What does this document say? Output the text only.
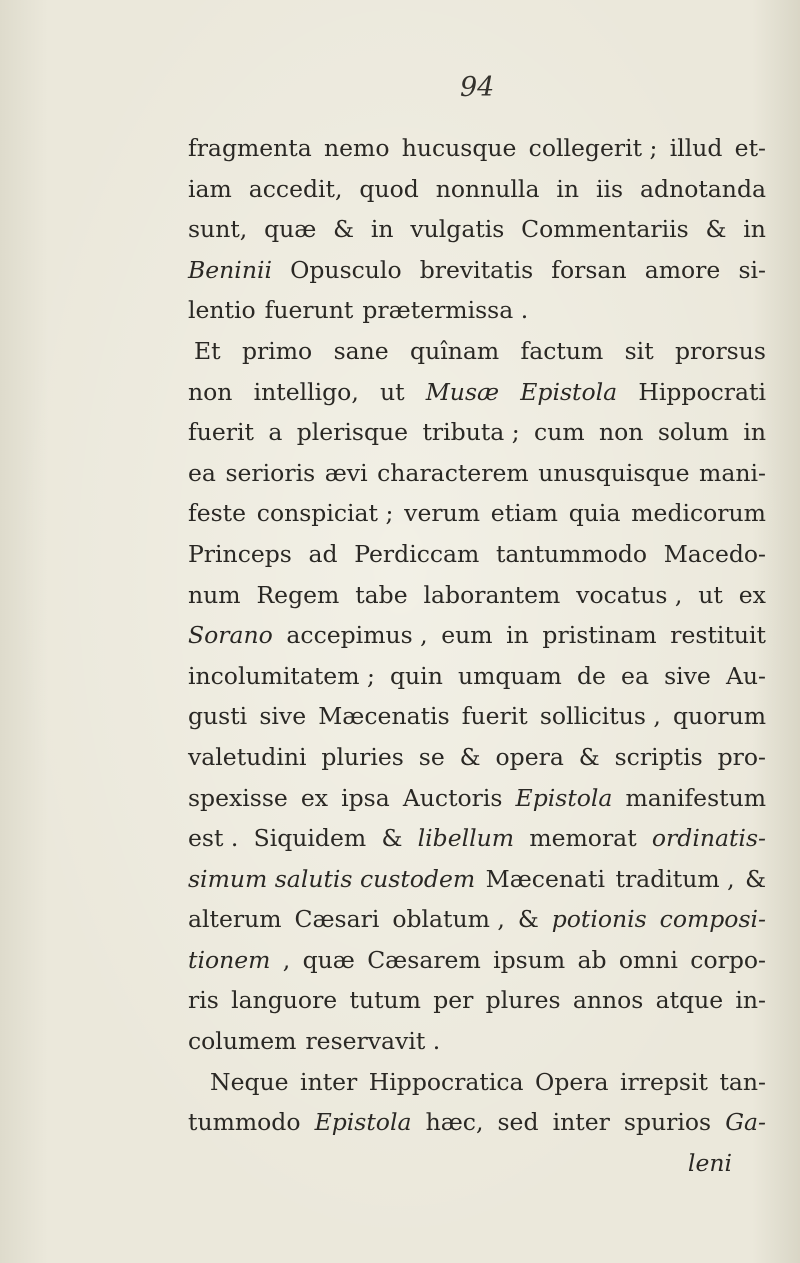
94
fragmenta nemo hucusque collegerit ; illud et-
iam accedit, quod nonnulla in iis adnotanda
sunt, quæ & in vulgatis Commentariis & in
Beninii Opusculo brevitatis forsan amore si-
lentio fuerunt prætermissa .
Et primo sane quînam factum sit prorsus
non intelligo, ut Musæ Epistola Hippocrati
fuerit a plerisque tributa ; cum non solum in
ea serioris ævi characterem unusquisque mani-
feste conspiciat ; verum etiam quia medicorum
Princeps ad Perdiccam tantummodo Macedo-
num Regem tabe laborantem vocatus , ut ex
Sorano accepimus , eum in pristinam restituit
incolumitatem ; quin umquam de ea sive Au-
gusti sive Mæcenatis fuerit sollicitus , quorum
valetudini pluries se & opera & scriptis pro-
spexisse ex ipsa Auctoris Epistola manifestum
est . Siquidem & libellum memorat ordinatis-
simum salutis custodem Mæcenati traditum , &
alterum Cæsari oblatum , & potionis composi-
tionem , quæ Cæsarem ipsum ab omni corpo-
ris languore tutum per plures annos atque in-
columem reservavit .
Neque inter Hippocratica Opera irrepsit tan-
tummodo Epistola hæc, sed inter spurios Ga-
leni
